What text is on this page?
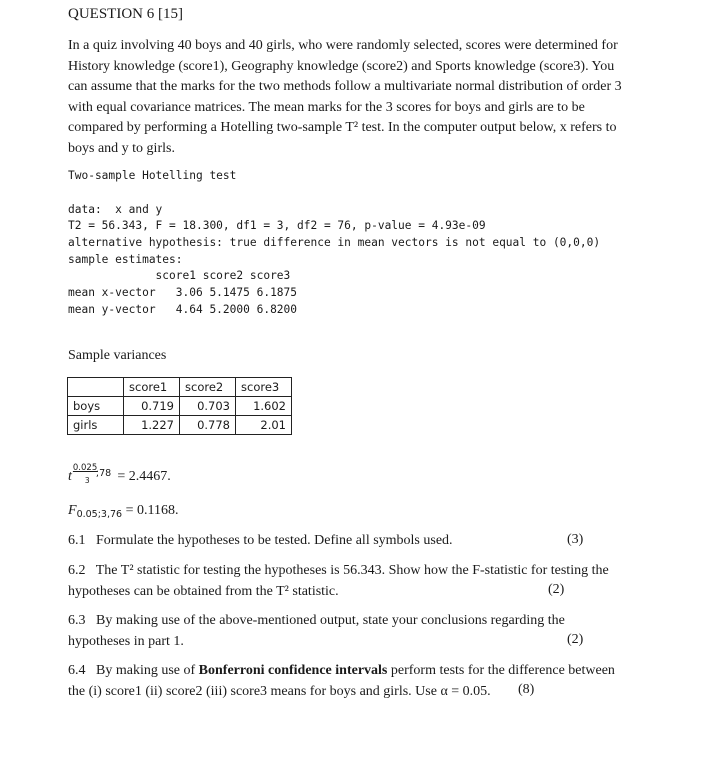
QUESTION 6 [15]
In a quiz involving 40 boys and 40 girls, who were randomly selected, scores were determined for History knowledge (score1), Geography knowledge (score2) and Sports knowledge (score3). You can assume that the marks for the two methods follow a multivariate normal distribution of order 3 with equal covariance matrices. The mean marks for the 3 scores for boys and girls are to be compared by performing a Hotelling two-sample T² test. In the computer output below, x refers to boys and y to girls.
Two-sample Hotelling test
data:  x and y
T2 = 56.343, F = 18.300, df1 = 3, df2 = 76, p-value = 4.93e-09
alternative hypothesis: true difference in mean vectors is not equal to (0,0,0)
sample estimates:
score1 score2 score3
mean x-vector   3.06 5.1475 6.1875
mean y-vector   4.64 5.2000 6.8200
Sample variances
	score1	score2	score3
boys	0.719	0.703	1.602
girls	1.227	0.778	2.01
t
0.025
3
;78 = 2.4467.
$F_{0.05;3,76} = 0.1168$.
6.1 Formulate the hypotheses to be tested. Define all symbols used.	(3)
6.2 The T² statistic for testing the hypotheses is 56.343. Show how the F-statistic for testing the hypotheses can be obtained from the T² statistic.	(2)
6.3 By making use of the above-mentioned output, state your conclusions regarding the hypotheses in part 1.	(2)
6.4 By making use of Bonferroni confidence intervals perform tests for the difference between the (i) score1 (ii) score2 (iii) score3 means for boys and girls. Use α = 0.05.	(8)
